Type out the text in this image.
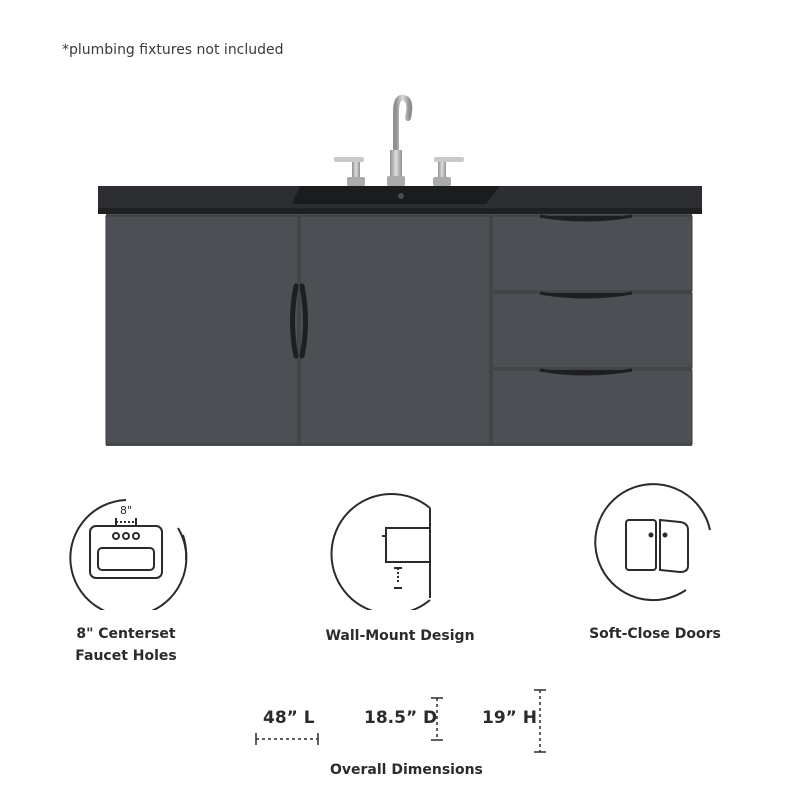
*plumbing fixtures not included
8"
8" Centerset
Faucet Holes
Wall-Mount Design	Soft-Close Doors
48” L	18.5” D	19” H
Overall Dimensions
